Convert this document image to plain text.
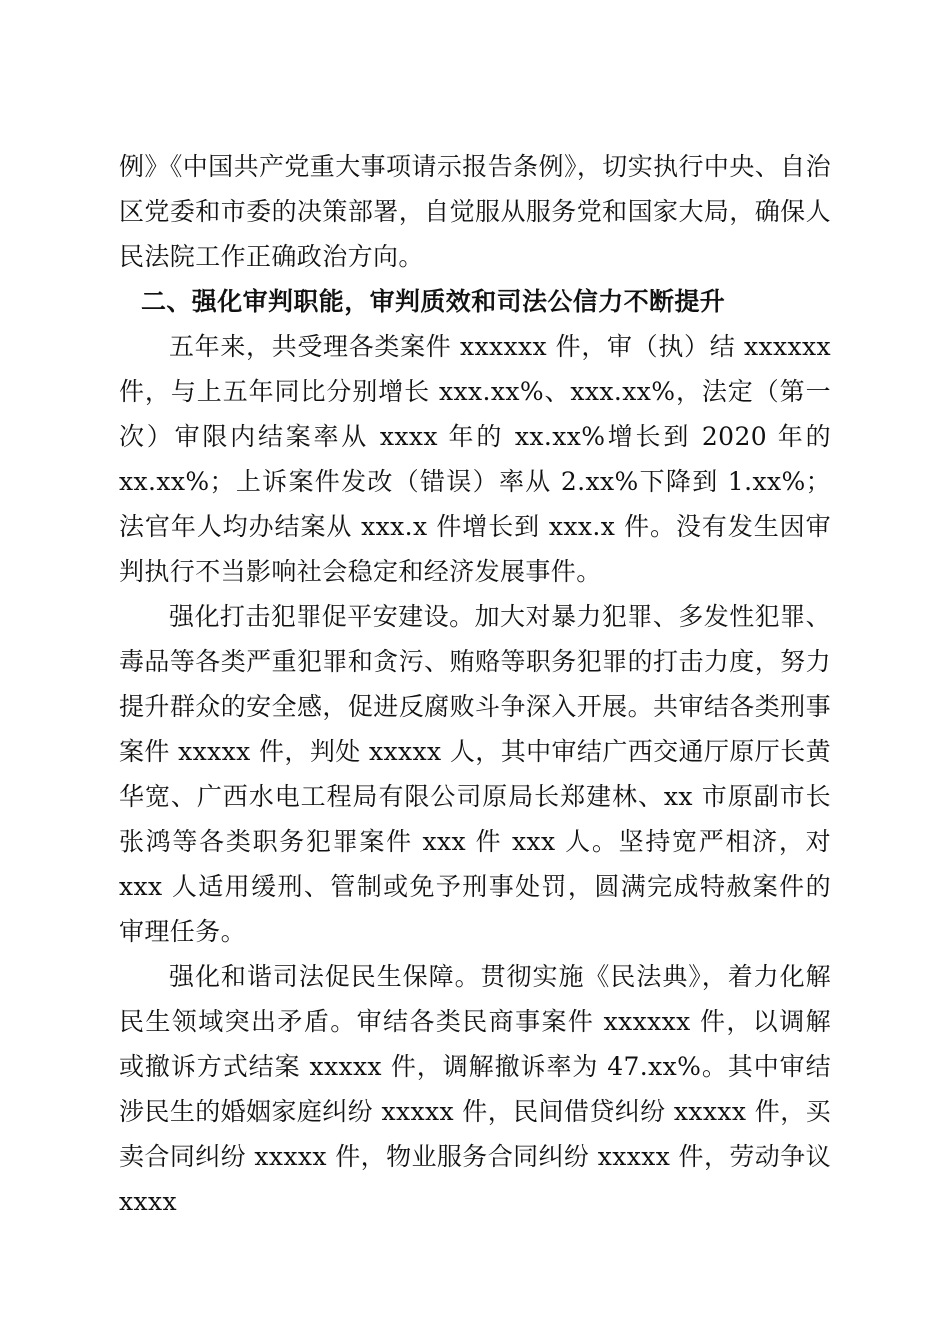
例》《中国共产党重大事项请示报告条例》，切实执行中央、自治区党委和市委的决策部署，自觉服从服务党和国家大局，确保人民法院工作正确政治方向。

二、强化审判职能，审判质效和司法公信力不断提升

五年来，共受理各类案件 xxxxxx 件，审（执）结 xxxxxx 件，与上五年同比分别增长 xxx.xx%、xxx.xx%，法定（第一次）审限内结案率从 xxxx 年的 xx.xx%增长到 2020 年的 xx.xx%；上诉案件发改（错误）率从 2.xx%下降到 1.xx%；法官年人均办结案从 xxx.x 件增长到 xxx.x 件。没有发生因审判执行不当影响社会稳定和经济发展事件。

强化打击犯罪促平安建设。加大对暴力犯罪、多发性犯罪、毒品等各类严重犯罪和贪污、贿赂等职务犯罪的打击力度，努力提升群众的安全感，促进反腐败斗争深入开展。共审结各类刑事案件 xxxxx 件，判处 xxxxx 人，其中审结广西交通厅原厅长黄华宽、广西水电工程局有限公司原局长郑建林、xx 市原副市长张鸿等各类职务犯罪案件 xxx 件 xxx 人。坚持宽严相济，对 xxx 人适用缓刑、管制或免予刑事处罚，圆满完成特赦案件的审理任务。

强化和谐司法促民生保障。贯彻实施《民法典》，着力化解民生领域突出矛盾。审结各类民商事案件 xxxxxx 件，以调解或撤诉方式结案 xxxxx 件，调解撤诉率为 47.xx%。其中审结涉民生的婚姻家庭纠纷 xxxxx 件，民间借贷纠纷 xxxxx 件，买卖合同纠纷 xxxxx 件，物业服务合同纠纷 xxxxx 件，劳动争议 xxxx
